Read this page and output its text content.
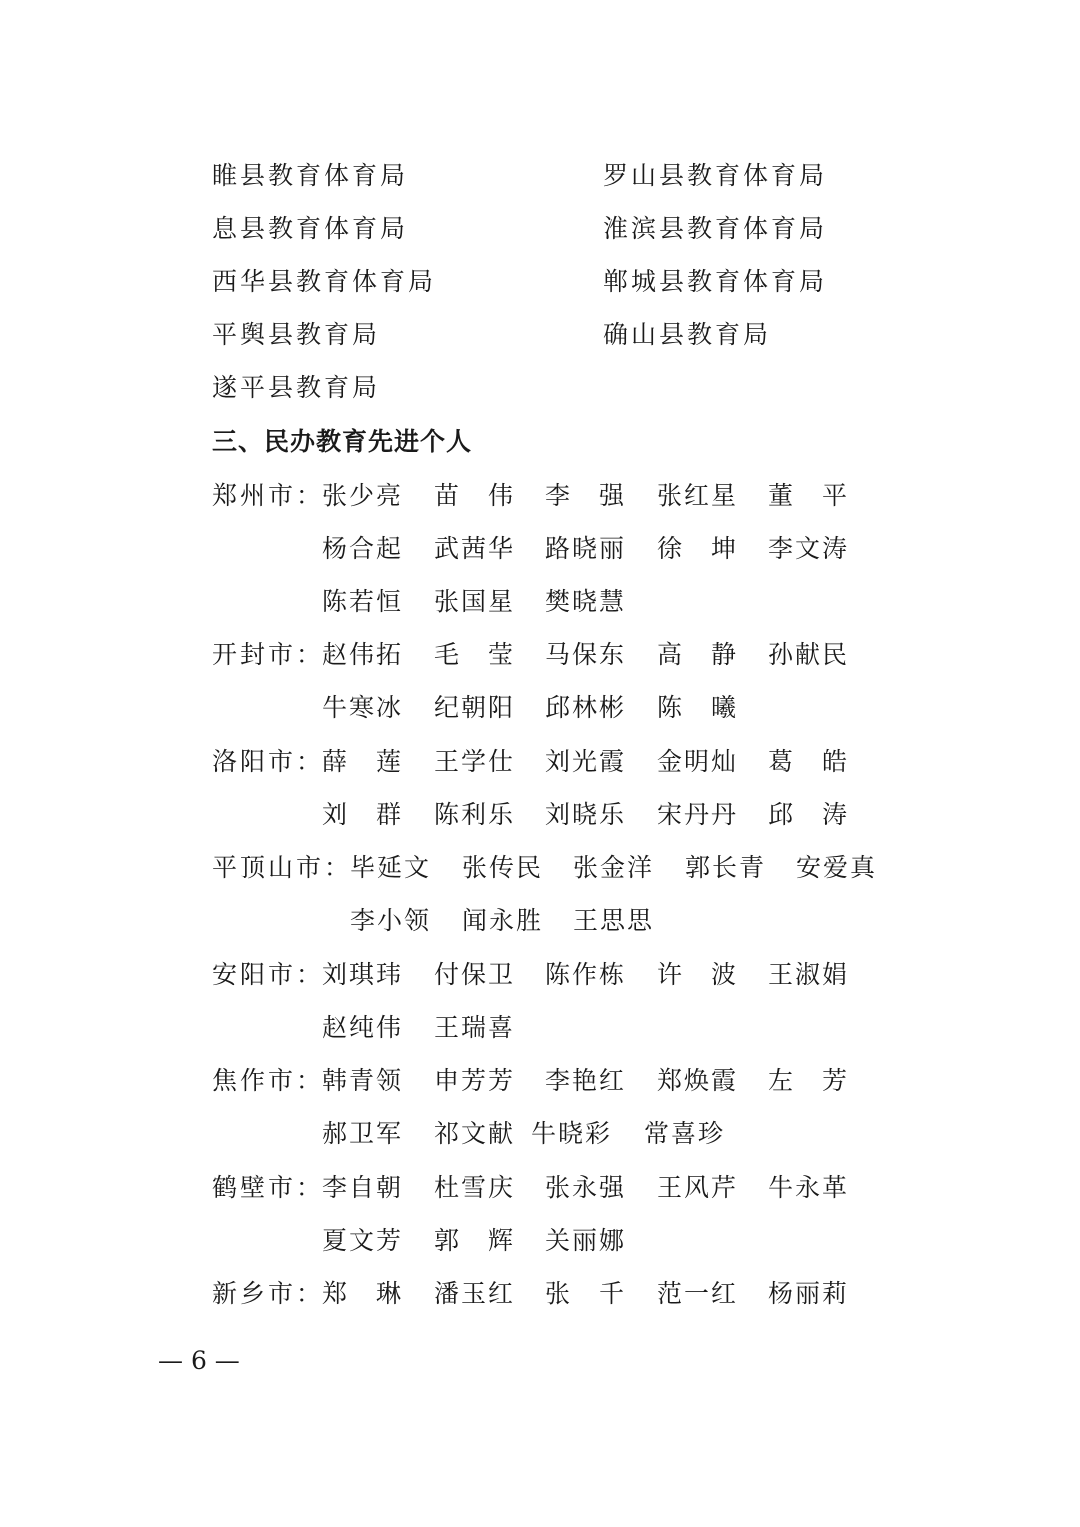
睢县教育体育局
息县教育体育局
西华县教育体育局
平舆县教育局
遂平县教育局
罗山县教育体育局
淮滨县教育体育局
郸城县教育体育局
确山县教育局
三、民办教育先进个人
郑州市：
张少亮 苗　伟 李　强 张红星 董　平
杨合起 武茜华 路晓丽 徐　坤 李文涛
陈若恒 张国星 樊晓慧
开封市：
赵伟拓 毛　莹 马保东 高　静 孙献民
牛寒冰 纪朝阳 邱林彬 陈　曦
洛阳市：
薛　莲 王学仕 刘光霞 金明灿 葛　皓
刘　群 陈利乐 刘晓乐 宋丹丹 邱　涛
平顶山市：
毕延文 张传民 张金洋 郭长青 安爱真
李小领 闻永胜 王思思
安阳市：
刘琪玮 付保卫 陈作栋 许　波 王淑娟
赵纯伟 王瑞喜
焦作市：
韩青领 申芳芳 李艳红 郑焕霞 左　芳
郝卫军 祁文献 牛晓彩 常喜珍
鹤壁市：
李自朝 杜雪庆 张永强 王风芹 牛永革
夏文芳 郭　辉 关丽娜
新乡市：
郑　琳 潘玉红 张　千 范一红 杨丽莉
— 6 —
